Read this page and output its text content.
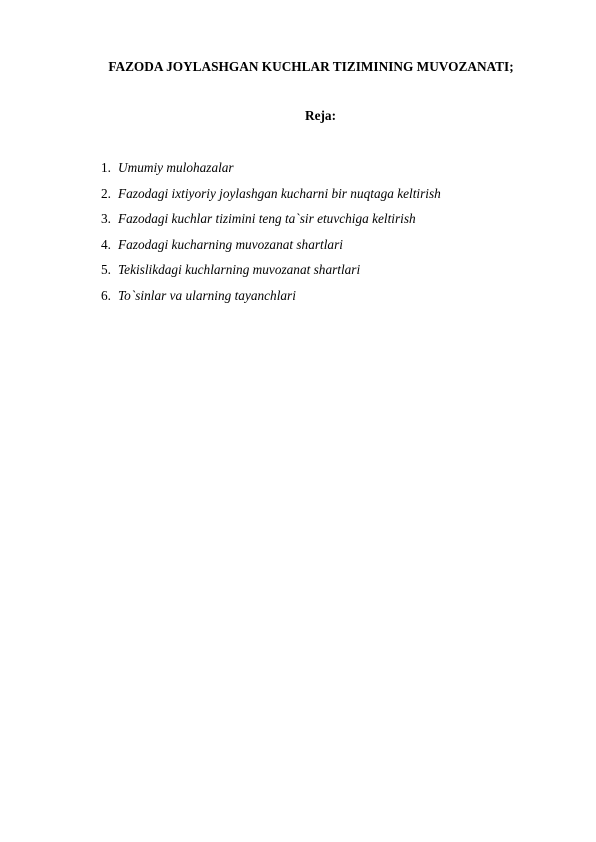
FAZODA JOYLASHGAN KUCHLAR TIZIMINING MUVOZANATI;
Reja:
1. Umumiy mulohazalar
2. Fazodagi ixtiyoriy joylashgan kucharni bir nuqtaga keltirish
3. Fazodagi kuchlar tizimini teng ta`sir etuvchiga keltirish
4. Fazodagi kucharning muvozanat shartlari
5. Tekislikdagi kuchlarning muvozanat shartlari
6. To`sinlar va ularning tayanchlari
